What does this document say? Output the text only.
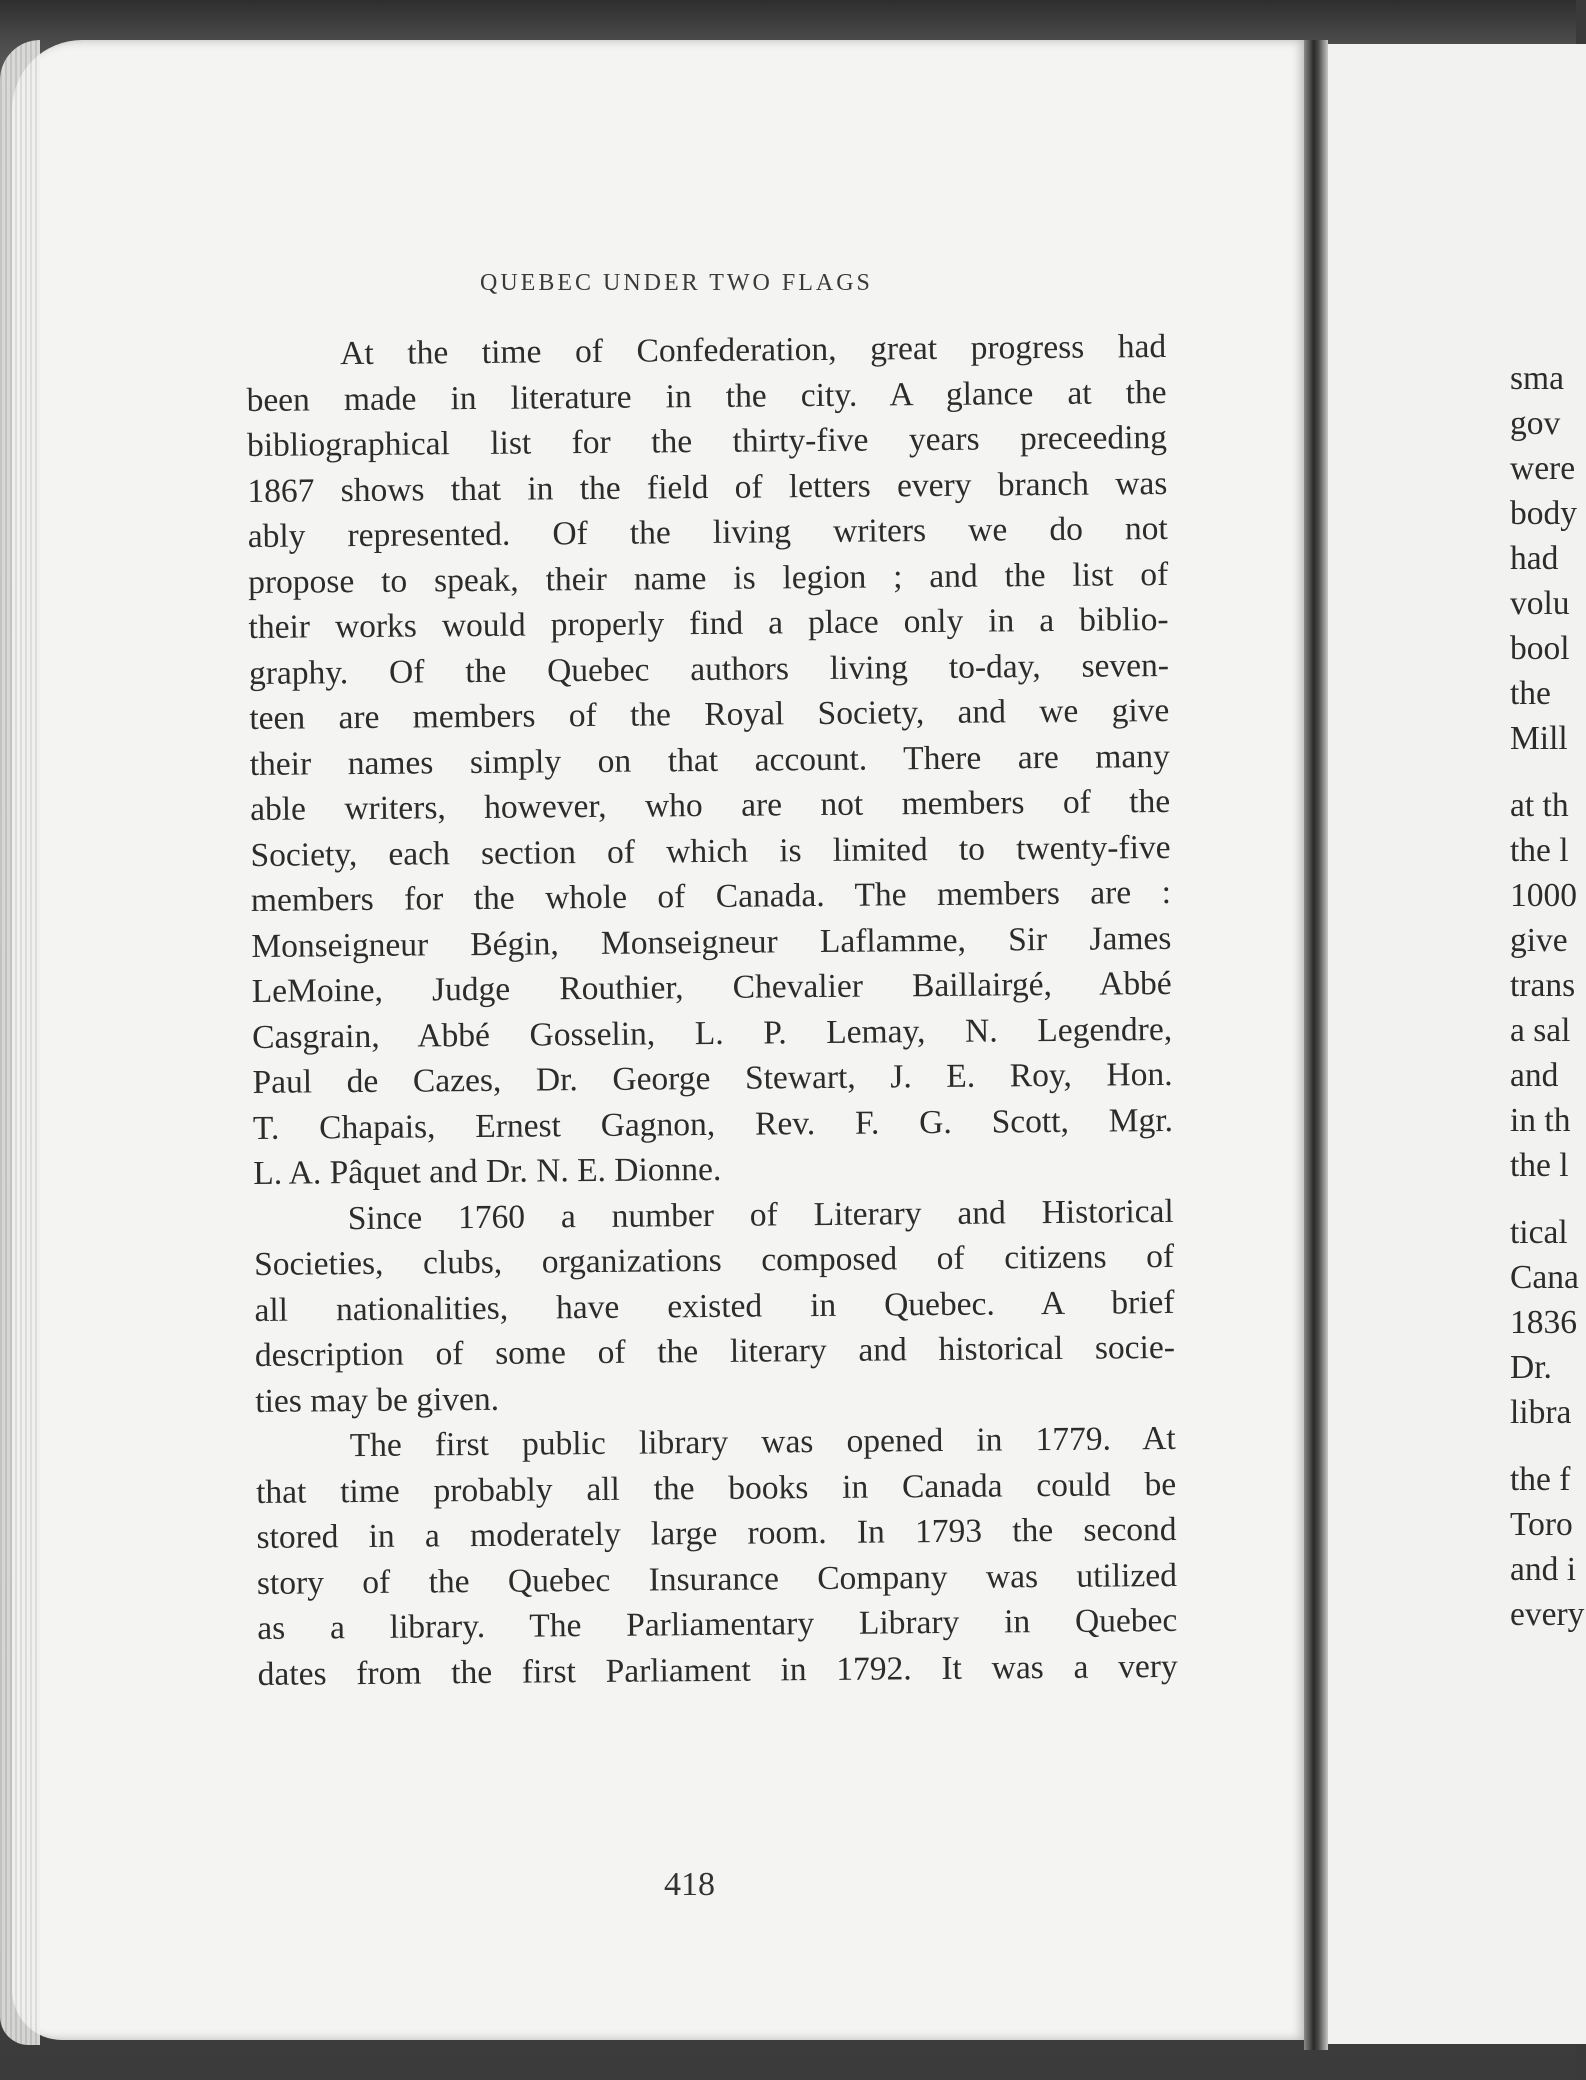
QUEBEC UNDER TWO FLAGS

At the time of Confederation, great progress had
been made in literature in the city. A glance at the
bibliographical list for the thirty-five years preceeding
1867 shows that in the field of letters every branch was
ably represented. Of the living writers we do not
propose to speak, their name is legion ; and the list of
their works would properly find a place only in a biblio-
graphy. Of the Quebec authors living to-day, seven-
teen are members of the Royal Society, and we give
their names simply on that account. There are many
able writers, however, who are not members of the
Society, each section of which is limited to twenty-five
members for the whole of Canada. The members are :
Monseigneur Bégin, Monseigneur Laflamme, Sir James
LeMoine, Judge Routhier, Chevalier Baillairgé, Abbé
Casgrain, Abbé Gosselin, L. P. Lemay, N. Legendre,
Paul de Cazes, Dr. George Stewart, J. E. Roy, Hon.
T. Chapais, Ernest Gagnon, Rev. F. G. Scott, Mgr.
L. A. Pâquet and Dr. N. E. Dionne.

Since 1760 a number of Literary and Historical
Societies, clubs, organizations composed of citizens of
all nationalities, have existed in Quebec. A brief
description of some of the literary and historical socie-
ties may be given.

The first public library was opened in 1779. At
that time probably all the books in Canada could be
stored in a moderately large room. In 1793 the second
story of the Quebec Insurance Company was utilized
as a library. The Parliamentary Library in Quebec
dates from the first Parliament in 1792. It was a very

418
sma
gov
were
body
had
volu
bool
the
Mill
at th
the l
1000
give
trans
a sal
and
in th
the l
tical
Cana
1836
Dr.
libra
the f
Toro
and i
every
